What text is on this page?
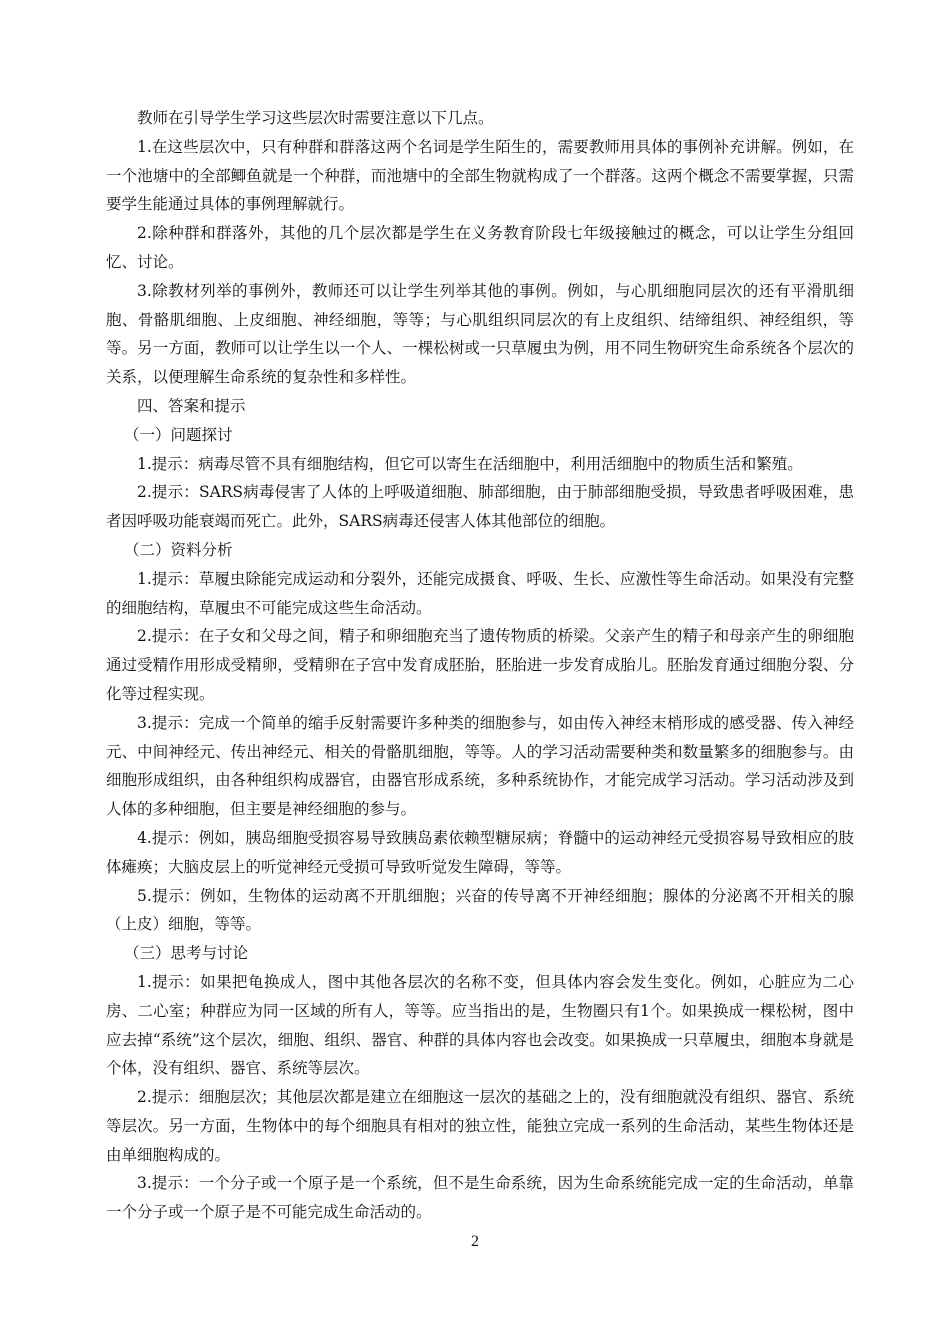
教师在引导学生学习这些层次时需要注意以下几点。

1.在这些层次中，只有种群和群落这两个名词是学生陌生的，需要教师用具体的事例补充讲解。例如，在一个池塘中的全部鲫鱼就是一个种群，而池塘中的全部生物就构成了一个群落。这两个概念不需要掌握，只需要学生能通过具体的事例理解就行。

2.除种群和群落外，其他的几个层次都是学生在义务教育阶段七年级接触过的概念，可以让学生分组回忆、讨论。

3.除教材列举的事例外，教师还可以让学生列举其他的事例。例如，与心肌细胞同层次的还有平滑肌细胞、骨骼肌细胞、上皮细胞、神经细胞，等等；与心肌组织同层次的有上皮组织、结缔组织、神经组织，等等。另一方面，教师可以让学生以一个人、一棵松树或一只草履虫为例，用不同生物研究生命系统各个层次的关系，以便理解生命系统的复杂性和多样性。

四、答案和提示

（一）问题探讨

1.提示：病毒尽管不具有细胞结构，但它可以寄生在活细胞中，利用活细胞中的物质生活和繁殖。

2.提示：SARS病毒侵害了人体的上呼吸道细胞、肺部细胞，由于肺部细胞受损，导致患者呼吸困难，患者因呼吸功能衰竭而死亡。此外，SARS病毒还侵害人体其他部位的细胞。

（二）资料分析

1.提示：草履虫除能完成运动和分裂外，还能完成摄食、呼吸、生长、应激性等生命活动。如果没有完整的细胞结构，草履虫不可能完成这些生命活动。

2.提示：在子女和父母之间，精子和卵细胞充当了遗传物质的桥梁。父亲产生的精子和母亲产生的卵细胞通过受精作用形成受精卵，受精卵在子宫中发育成胚胎，胚胎进一步发育成胎儿。胚胎发育通过细胞分裂、分化等过程实现。

3.提示：完成一个简单的缩手反射需要许多种类的细胞参与，如由传入神经末梢形成的感受器、传入神经元、中间神经元、传出神经元、相关的骨骼肌细胞，等等。人的学习活动需要种类和数量繁多的细胞参与。由细胞形成组织，由各种组织构成器官，由器官形成系统，多种系统协作，才能完成学习活动。学习活动涉及到人体的多种细胞，但主要是神经细胞的参与。

4.提示：例如，胰岛细胞受损容易导致胰岛素依赖型糖尿病；脊髓中的运动神经元受损容易导致相应的肢体瘫痪；大脑皮层上的听觉神经元受损可导致听觉发生障碍，等等。

5.提示：例如，生物体的运动离不开肌细胞；兴奋的传导离不开神经细胞；腺体的分泌离不开相关的腺（上皮）细胞，等等。

（三）思考与讨论

1.提示：如果把龟换成人，图中其他各层次的名称不变，但具体内容会发生变化。例如，心脏应为二心房、二心室；种群应为同一区域的所有人，等等。应当指出的是，生物圈只有1个。如果换成一棵松树，图中应去掉“系统”这个层次，细胞、组织、器官、种群的具体内容也会改变。如果换成一只草履虫，细胞本身就是个体，没有组织、器官、系统等层次。

2.提示：细胞层次；其他层次都是建立在细胞这一层次的基础之上的，没有细胞就没有组织、器官、系统等层次。另一方面，生物体中的每个细胞具有相对的独立性，能独立完成一系列的生命活动，某些生物体还是由单细胞构成的。

3.提示：一个分子或一个原子是一个系统，但不是生命系统，因为生命系统能完成一定的生命活动，单靠一个分子或一个原子是不可能完成生命活动的。

2
